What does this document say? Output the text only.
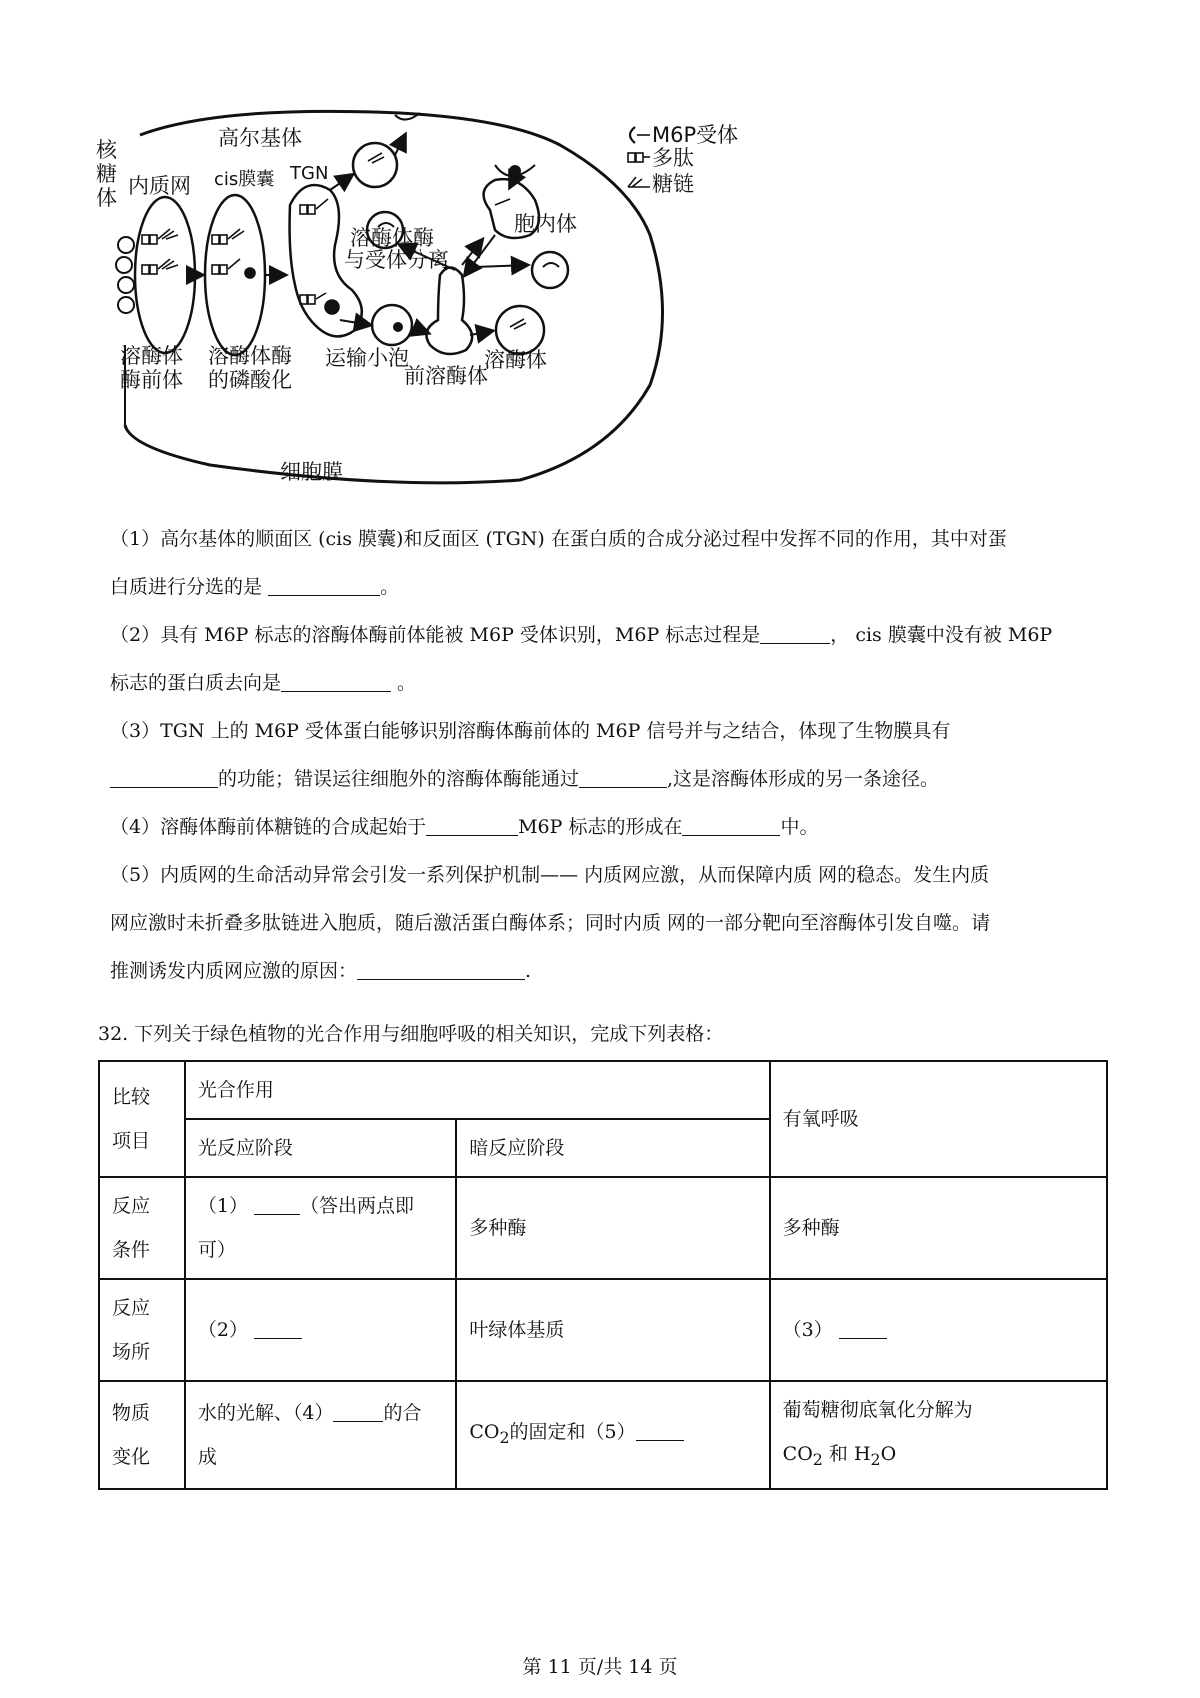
核
糖
体 内质网
高尔基体
cis膜囊 TGN
溶酶体
酶前体
溶酶体酶
的磷酸化
运输小泡
前溶酶体
溶酶体
溶酶体酶
与受体分离
胞内体
细胞膜
M6P受体
多肽
糖链

（1）高尔基体的顺面区 (cis 膜囊)和反面区 (TGN) 在蛋白质的合成分泌过程中发挥不同的作用，其中对蛋

白质进行分选的是	。

（2）具有 M6P 标志的溶酶体酶前体能被 M6P 受体识别，M6P 标志过程是	， cis 膜囊中没有被 M6P

标志的蛋白质去向是	。

（3）TGN 上的 M6P 受体蛋白能够识别溶酶体酶前体的 M6P 信号并与之结合，体现了生物膜具有

的功能；错误运往细胞外的溶酶体酶能通过	,这是溶酶体形成的另一条途径。

（4）溶酶体酶前体糖链的合成起始于	M6P 标志的形成在	中。

（5）内质网的生命活动异常会引发一系列保护机制—— 内质网应激，从而保障内质 网的稳态。发生内质

网应激时未折叠多肽链进入胞质，随后激活蛋白酶体系；同时内质 网的一部分靶向至溶酶体引发自噬。请

推测诱发内质网应激的原因：	.

32. 下列关于绿色植物的光合作用与细胞呼吸的相关知识，完成下列表格：

比较
项目	光合作用		有氧呼吸
	光反应阶段	暗反应阶段	
反应
条件	（1） （答出两点即
可）	多种酶	多种酶
反应
场所	（2）	叶绿体基质	（3）
物质
变化	水的光解、（4） 的合
成	$CO_2$的固定和（5）	葡萄糖彻底氧化分解为
$CO_2$ 和 $H_2O$
第 11 页/共 14 页
